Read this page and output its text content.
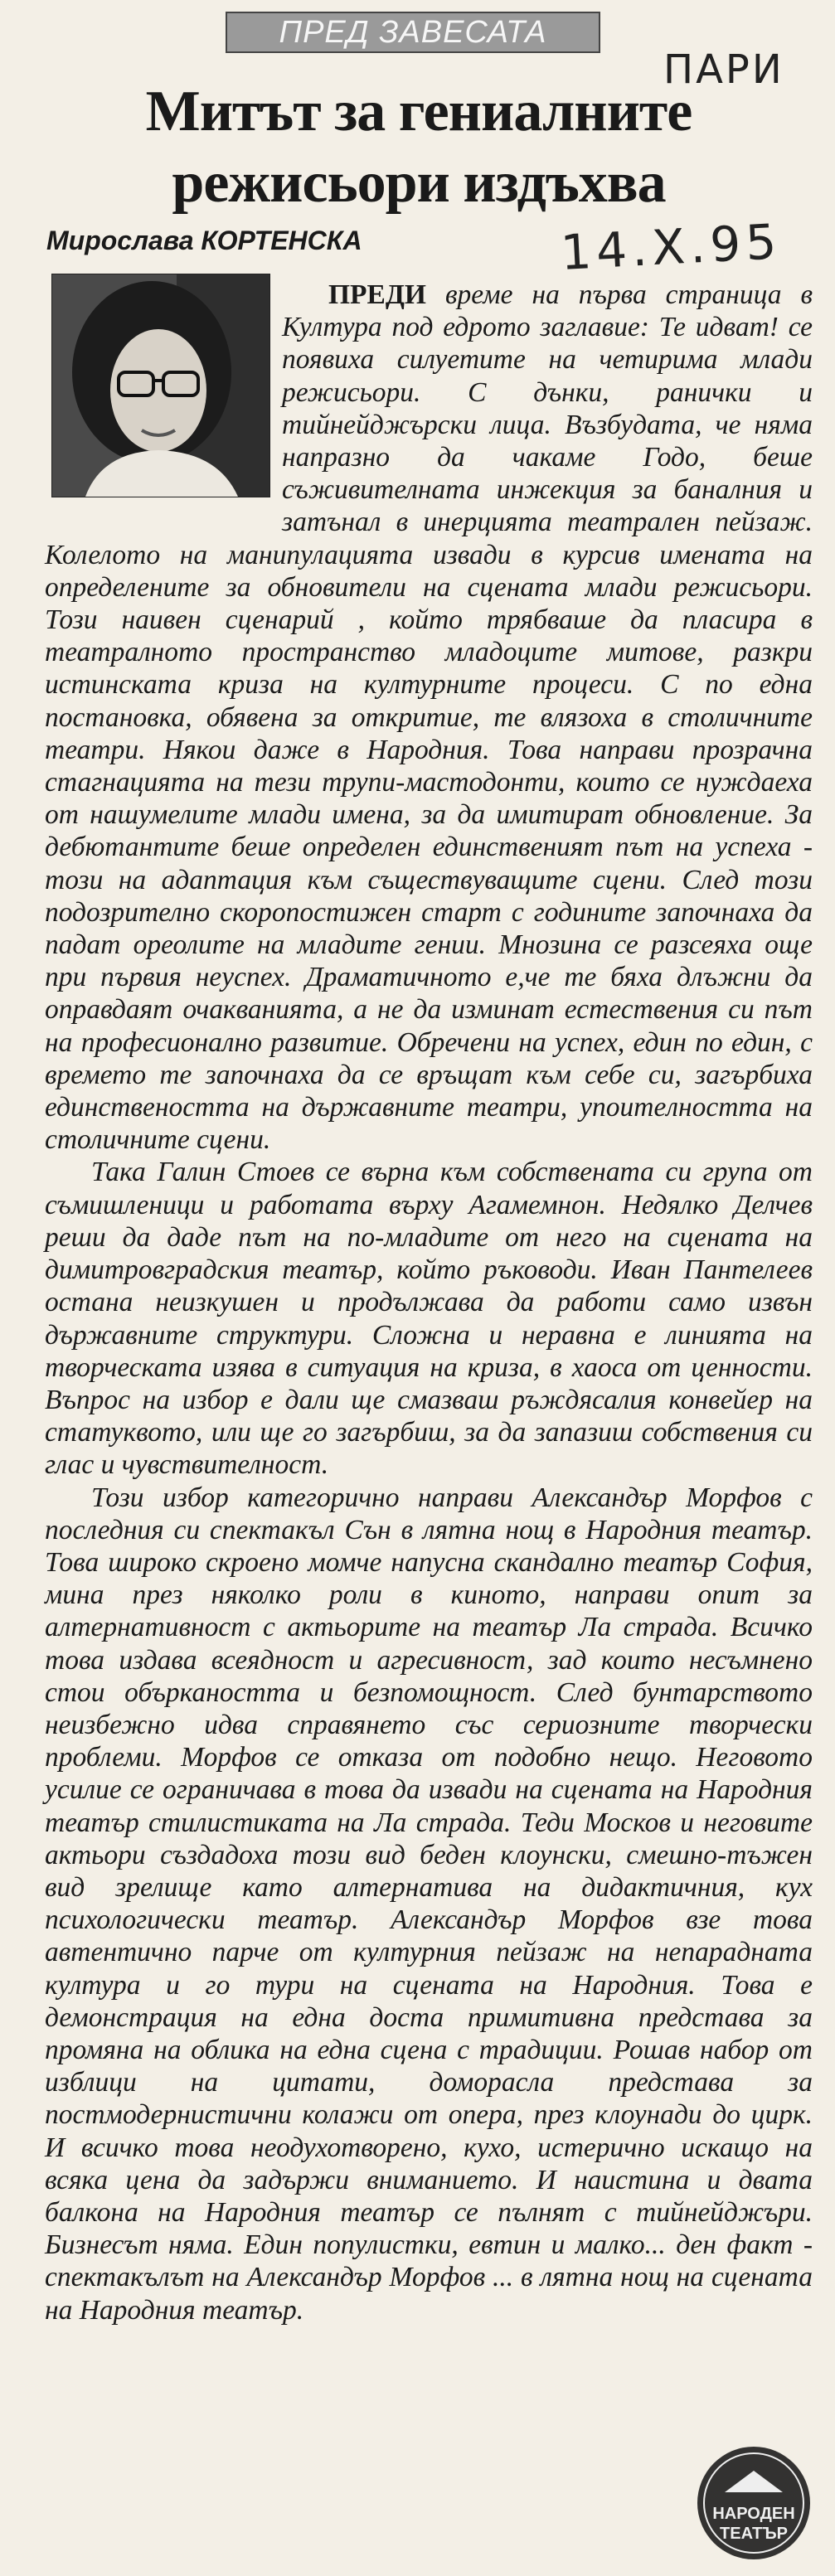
ПРЕД ЗАВЕСАТА
ПАРИ
Митът за гениалните
режисьори издъхва
Мирослава КОРТЕНСКА	14.Х.95

ПРЕДИ време на първа страница в Култура под едрото заглавие: Те идват! се появиха силуетите на четирима млади режисьори. С дънки, ранички и тийнейджърски лица. Възбудата, че няма напразно да чакаме Годо, беше съживителната инжекция за баналния и затънал в инерцията театрален пейзаж. Колелото на манипулацията извади в курсив имената на определените за обновители на сцената млади режисьори. Този наивен сценарий , който трябваше да пласира в театралното пространство младоците митове, разкри истинската криза на културните процеси. С по една постановка, обявена за откритие, те влязоха в столичните театри. Някои даже в Народния. Това направи прозрачна стагнацията на тези трупи-мастодонти, които се нуждаеха от нашумелите млади имена, за да имитират обновление. За дебютантите беше определен единственият път на успеха - този на адаптация към съществуващите сцени. След този подозрително скоропостижен старт с годините започнаха да падат ореолите на младите гении. Мнозина се разсеяха още при първия неуспех. Драматичното е,че те бяха длъжни да оправдаят очакванията, а не да изминат естествения си път на професионално развитие. Обречени на успех, един по един, с времето те започнаха да се връщат към себе си, загърбиха единствеността на държавните театри, упоитeлността на столичните сцени.

Така Галин Стоев се върна към собствената си група от съмишленици и работата върху Агамемнон. Недялко Делчев реши да даде път на по-младите от него на сцената на димитровградския театър, който ръководи. Иван Пантелеев остана неизкушен и продължава да работи само извън държавните структури. Сложна и неравна е линията на творческата изява в ситуация на криза, в хаоса от ценности. Въпрос на избор е дали ще смазваш ръждясалия конвейер на статуквото, или ще го загърбиш, за да запазиш собствения си глас и чувствителност.

Този избор категорично направи Александър Морфов с последния си спектакъл Сън в лятна нощ в Народния театър. Това широко скроено момче напусна скандално театър София, мина през няколко роли в киното, направи опит за алтернативност с актьорите на театър Ла страда. Всичко това издава всеядност и агресивност, зад които несъмнено стои объркаността и безпомощност. След бунтарството неизбежно идва справянето със сериозните творчески проблеми. Морфов се отказа от подобно нещо. Неговото усилие се ограничава в това да извади на сцената на Народния театър стилистиката на Ла страда. Теди Москов и неговите актьори създадоха този вид беден клоунски, смешно-тъжен вид зрелище като алтернатива на дидактичния, кух психологически театър. Александър Морфов взе това автентично парче от културния пейзаж на непарадната култура и го тури на сцената на Народния. Това е демонстрация на една доста примитивна представа за промяна на облика на една сцена с традиции. Рошав набор от изблици на цитати, доморасла представа за постмодернистични колажи от опера, през клоунади до цирк. И всичко това неодухотворено, кухо, истерично искащо на всяка цена да задържи вниманието. И наистина и двата балкона на Народния театър се пълнят с тийнейджъри. Бизнесът няма. Един популистки, евтин и малко... ден факт - спектакълът на Александър Морфов ... в лятна нощ на сцената на Народния театър.

НАРОДЕН
ТЕАТЪР
